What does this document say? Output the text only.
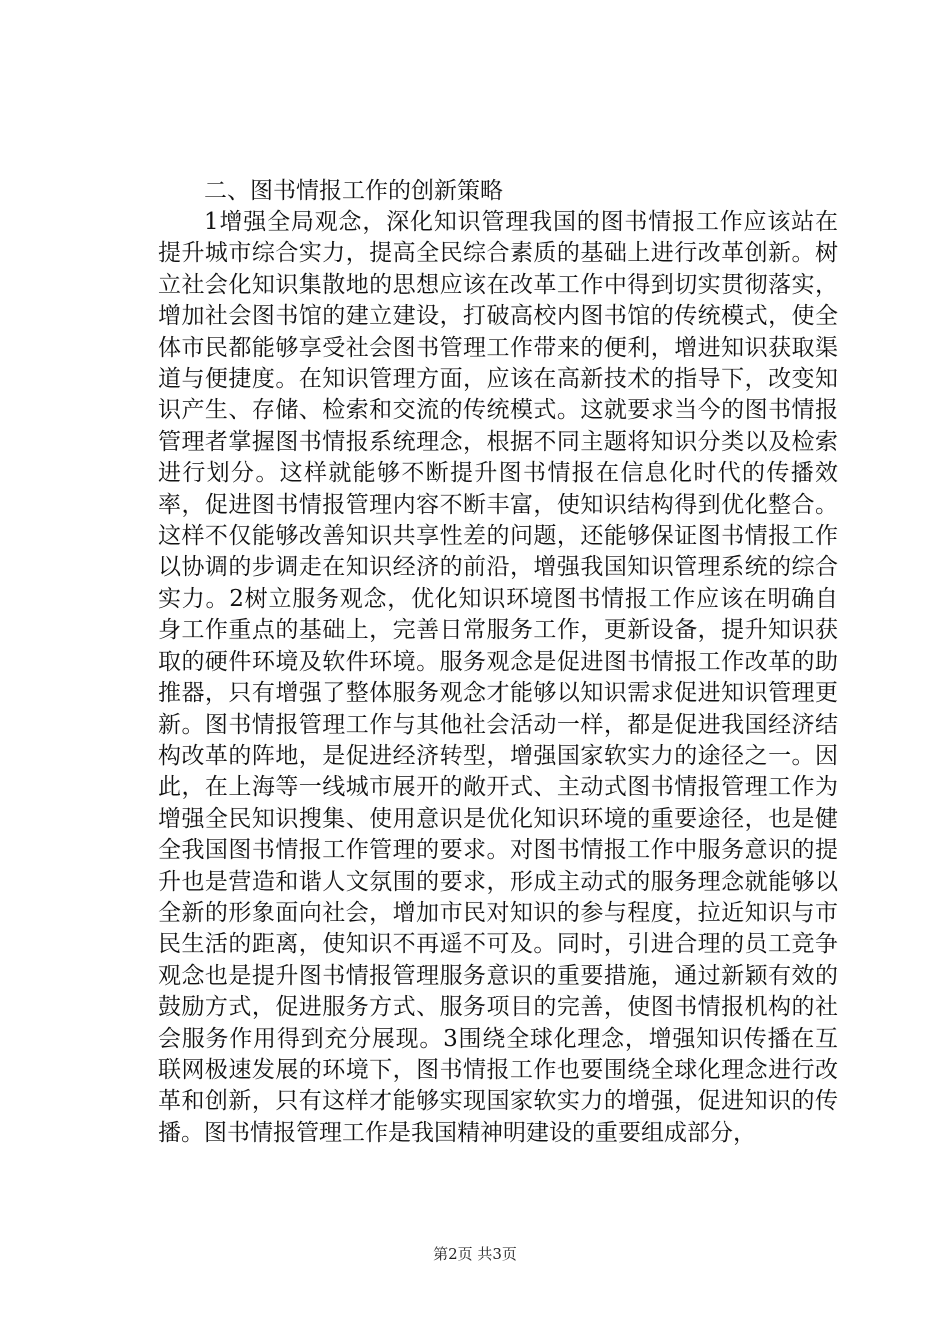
二、图书情报工作的创新策略

1增强全局观念，深化知识管理我国的图书情报工作应该站在提升城市综合实力，提高全民综合素质的基础上进行改革创新。树立社会化知识集散地的思想应该在改革工作中得到切实贯彻落实，增加社会图书馆的建立建设，打破高校内图书馆的传统模式，使全体市民都能够享受社会图书管理工作带来的便利，增进知识获取渠道与便捷度。在知识管理方面，应该在高新技术的指导下，改变知识产生、存储、检索和交流的传统模式。这就要求当今的图书情报管理者掌握图书情报系统理念，根据不同主题将知识分类以及检索进行划分。这样就能够不断提升图书情报在信息化时代的传播效率，促进图书情报管理内容不断丰富，使知识结构得到优化整合。这样不仅能够改善知识共享性差的问题，还能够保证图书情报工作以协调的步调走在知识经济的前沿，增强我国知识管理系统的综合实力。2树立服务观念，优化知识环境图书情报工作应该在明确自身工作重点的基础上，完善日常服务工作，更新设备，提升知识获取的硬件环境及软件环境。服务观念是促进图书情报工作改革的助推器，只有增强了整体服务观念才能够以知识需求促进知识管理更新。图书情报管理工作与其他社会活动一样，都是促进我国经济结构改革的阵地，是促进经济转型，增强国家软实力的途径之一。因此，在上海等一线城市展开的敞开式、主动式图书情报管理工作为增强全民知识搜集、使用意识是优化知识环境的重要途径，也是健全我国图书情报工作管理的要求。对图书情报工作中服务意识的提升也是营造和谐人文氛围的要求，形成主动式的服务理念就能够以全新的形象面向社会，增加市民对知识的参与程度，拉近知识与市民生活的距离，使知识不再遥不可及。同时，引进合理的员工竞争观念也是提升图书情报管理服务意识的重要措施，通过新颖有效的鼓励方式，促进服务方式、服务项目的完善，使图书情报机构的社会服务作用得到充分展现。3围绕全球化理念，增强知识传播在互联网极速发展的环境下，图书情报工作也要围绕全球化理念进行改革和创新，只有这样才能够实现国家软实力的增强，促进知识的传播。图书情报管理工作是我国精神明建设的重要组成部分，

第2页 共3页
